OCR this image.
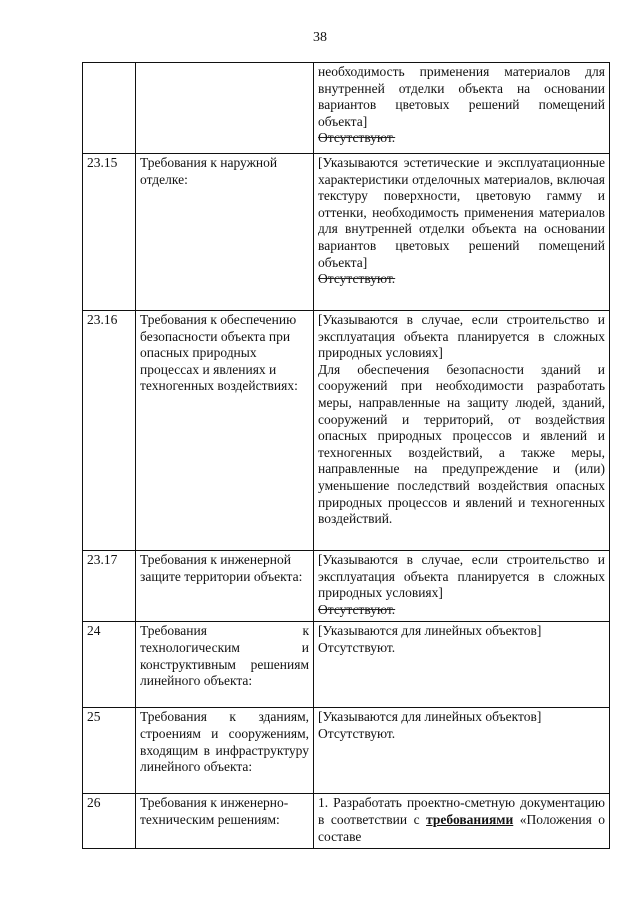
38
		необходимость применения материалов для внутренней отделки объекта на основании вариантов цветовых решений помещений объекта]
Отсутствуют.
23.15	Требования к наружной отделке:	[Указываются эстетические и эксплуатационные характеристики отделочных материалов, включая текстуру поверхности, цветовую гамму и оттенки, необходимость применения материалов для внутренней отделки объекта на основании вариантов цветовых решений помещений объекта]
Отсутствуют.
23.16	Требования к обеспечению безопасности объекта при опасных природных процессах и явлениях и техногенных воздействиях:	[Указываются в случае, если строительство и эксплуатация объекта планируется в сложных природных условиях]
Для обеспечения безопасности зданий и сооружений при необходимости разработать меры, направленные на защиту людей, зданий, сооружений и территорий, от воздействия опасных природных процессов и явлений и техногенных воздействий, а также меры, направленные на предупреждение и (или) уменьшение последствий воздействия опасных природных процессов и явлений и техногенных воздействий.
23.17	Требования к инженерной защите территории объекта:	[Указываются в случае, если строительство и эксплуатация объекта планируется в сложных природных условиях]
Отсутствуют.
24	Требования к технологическим и конструктивным решениям линейного объекта:	[Указываются для линейных объектов]
Отсутствуют.
25	Требования к зданиям, строениям и сооружениям, входящим в инфраструктуру линейного объекта:	[Указываются для линейных объектов]
Отсутствуют.
26	Требования к инженерно-техническим решениям:	1. Разработать проектно-сметную документацию в соответствии с требованиями «Положения о составе
